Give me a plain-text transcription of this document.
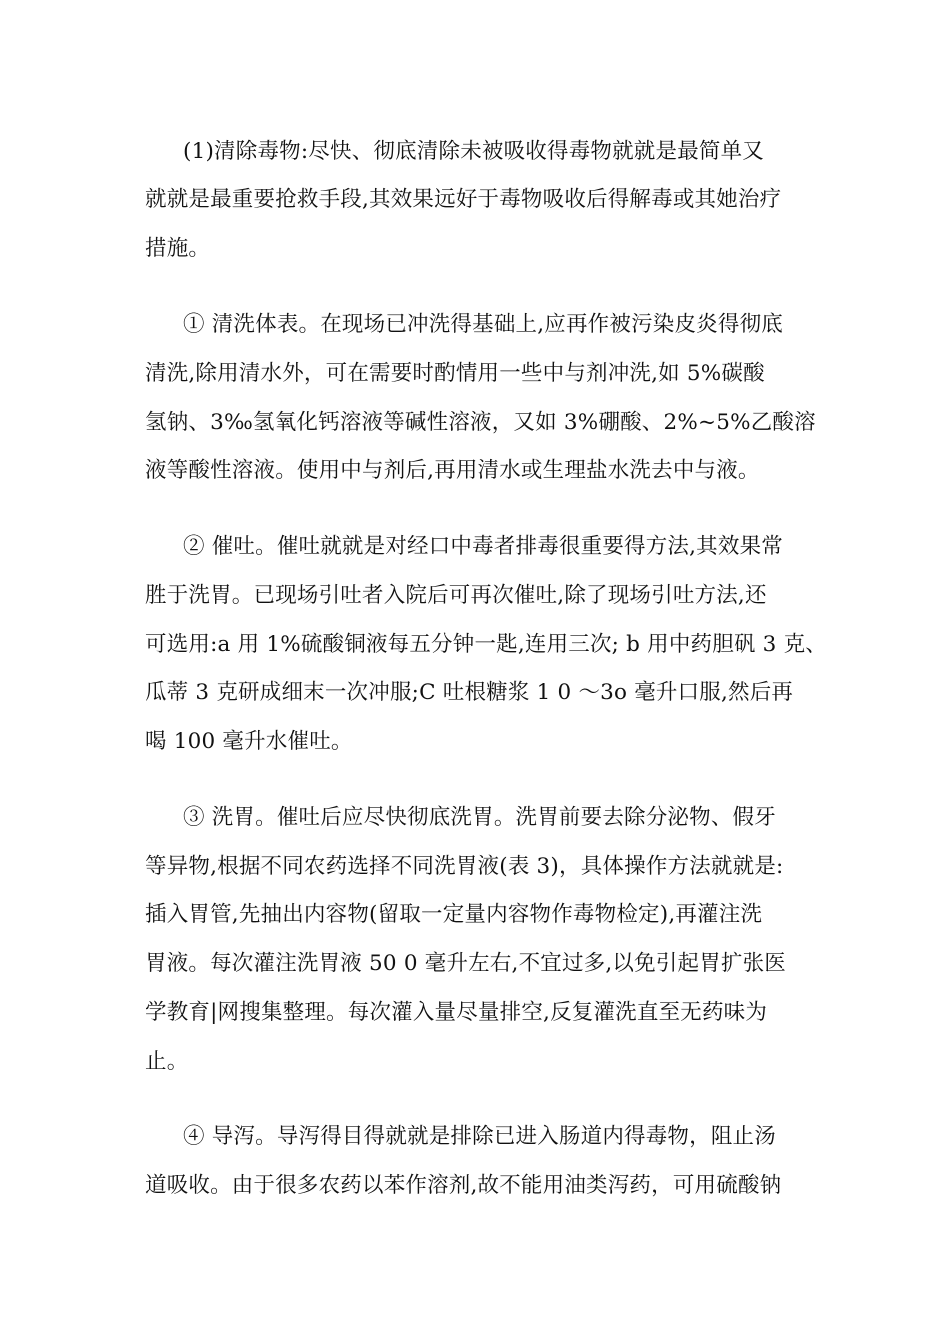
(1)清除毒物:尽快、彻底清除未被吸收得毒物就就是最简单又
就就是最重要抢救手段,其效果远好于毒物吸收后得解毒或其她治疗
措施。
① 清洗体表。在现场已冲洗得基础上,应再作被污染皮炎得彻底
清洗,除用清水外，可在需要时酌情用一些中与剂冲洗,如 5%碳酸
氢钠、3‰氢氧化钙溶液等碱性溶液，又如 3%硼酸、2%~5%乙酸溶
液等酸性溶液。使用中与剂后,再用清水或生理盐水洗去中与液。
② 催吐。催吐就就是对经口中毒者排毒很重要得方法,其效果常
胜于洗胃。已现场引吐者入院后可再次催吐,除了现场引吐方法,还
可选用:a 用 1%硫酸铜液每五分钟一匙,连用三次; b 用中药胆矾 3 克、
瓜蒂 3 克研成细末一次冲服;C 吐根糖浆 1 0 ～3o 毫升口服,然后再
喝 100 毫升水催吐。
③ 洗胃。催吐后应尽快彻底洗胃。洗胃前要去除分泌物、假牙
等异物,根据不同农药选择不同洗胃液(表 3)，具体操作方法就就是:
插入胃管,先抽出内容物(留取一定量内容物作毒物检定),再灌注洗
胃液。每次灌注洗胃液 50 0 毫升左右,不宜过多,以免引起胃扩张医
学教育|网搜集整理。每次灌入量尽量排空,反复灌洗直至无药味为
止。
④ 导泻。导泻得目得就就是排除已进入肠道内得毒物，阻止汤
道吸收。由于很多农药以苯作溶剂,故不能用油类泻药，可用硫酸钠
